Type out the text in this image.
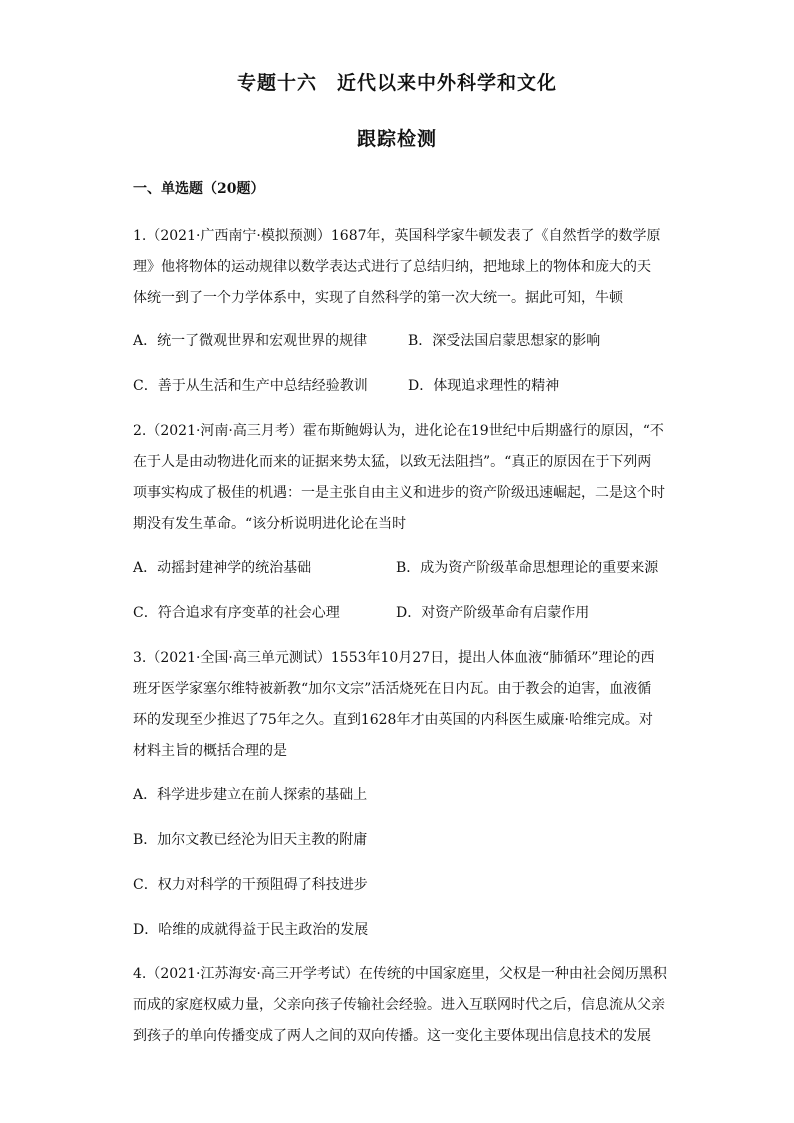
专题十六　近代以来中外科学和文化
跟踪检测
一、单选题（20题）
1.（2021·广西南宁·模拟预测）1687年，英国科学家牛顿发表了《自然哲学的数学原
理》他将物体的运动规律以数学表达式进行了总结归纳，把地球上的物体和庞大的天
体统一到了一个力学体系中，实现了自然科学的第一次大统一。据此可知，牛顿
A．统一了微观世界和宏观世界的规律	B．深受法国启蒙思想家的影响
C．善于从生活和生产中总结经验教训	D．体现追求理性的精神
2.（2021·河南·高三月考）霍布斯鲍姆认为，进化论在19世纪中后期盛行的原因，“不
在于人是由动物进化而来的证据来势太猛，以致无法阻挡”。“真正的原因在于下列两
项事实构成了极佳的机遇：一是主张自由主义和进步的资产阶级迅速崛起，二是这个时
期没有发生革命。“该分析说明进化论在当时
A．动摇封建神学的统治基础	B．成为资产阶级革命思想理论的重要来源
C．符合追求有序变革的社会心理	D．对资产阶级革命有启蒙作用
3.（2021·全国·高三单元测试）1553年10月27日，提出人体血液“肺循环”理论的西
班牙医学家塞尔维特被新教“加尔文宗”活活烧死在日内瓦。由于教会的迫害，血液循
环的发现至少推迟了75年之久。直到1628年才由英国的内科医生威廉·哈维完成。对
材料主旨的概括合理的是
A．科学进步建立在前人探索的基础上
B．加尔文教已经沦为旧天主教的附庸
C．权力对科学的干预阻碍了科技进步
D．哈维的成就得益于民主政治的发展
4.（2021·江苏海安·高三开学考试）在传统的中国家庭里，父权是一种由社会阅历黑积
而成的家庭权威力量，父亲向孩子传输社会经验。进入互联网时代之后，信息流从父亲
到孩子的单向传播变成了两人之间的双向传播。这一变化主要体现出信息技术的发展
